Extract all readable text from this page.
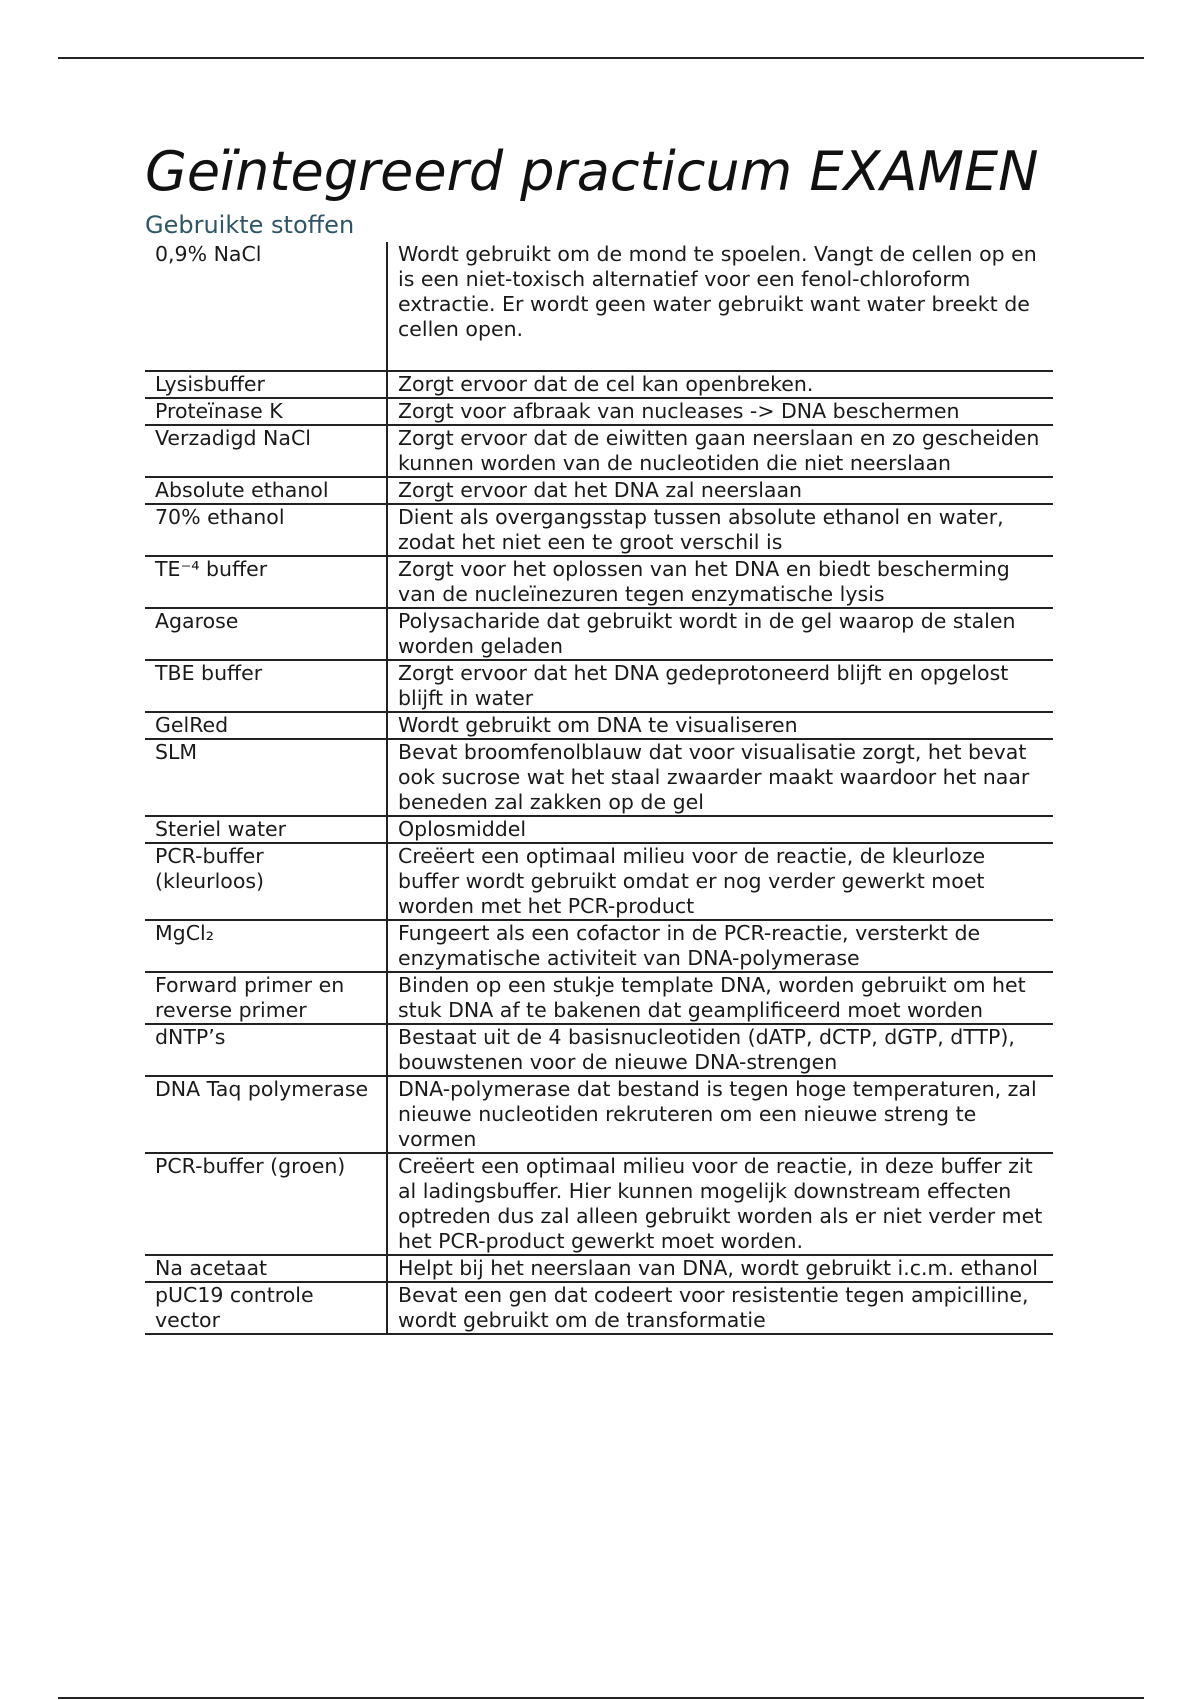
Geïntegreerd practicum EXAMEN
Gebruikte stoffen
0,9% NaCl	Wordt gebruikt om de mond te spoelen. Vangt de cellen op en is een niet-toxisch alternatief voor een fenol-chloroform extractie. Er wordt geen water gebruikt want water breekt de cellen open.
Lysisbuffer	Zorgt ervoor dat de cel kan openbreken.
Proteïnase K	Zorgt voor afbraak van nucleases -> DNA beschermen
Verzadigd NaCl	Zorgt ervoor dat de eiwitten gaan neerslaan en zo gescheiden kunnen worden van de nucleotiden die niet neerslaan
Absolute ethanol	Zorgt ervoor dat het DNA zal neerslaan
70% ethanol	Dient als overgangsstap tussen absolute ethanol en water, zodat het niet een te groot verschil is
TE⁻⁴ buffer	Zorgt voor het oplossen van het DNA en biedt bescherming van de nucleïnezuren tegen enzymatische lysis
Agarose	Polysacharide dat gebruikt wordt in de gel waarop de stalen worden geladen
TBE buffer	Zorgt ervoor dat het DNA gedeprotoneerd blijft en opgelost blijft in water
GelRed	Wordt gebruikt om DNA te visualiseren
SLM	Bevat broomfenolblauw dat voor visualisatie zorgt, het bevat ook sucrose wat het staal zwaarder maakt waardoor het naar beneden zal zakken op de gel
Steriel water	Oplosmiddel
PCR-buffer (kleurloos)	Creëert een optimaal milieu voor de reactie, de kleurloze buffer wordt gebruikt omdat er nog verder gewerkt moet worden met het PCR-product
MgCl₂	Fungeert als een cofactor in de PCR-reactie, versterkt de enzymatische activiteit van DNA-polymerase
Forward primer en reverse primer	Binden op een stukje template DNA, worden gebruikt om het stuk DNA af te bakenen dat geamplificeerd moet worden
dNTP’s	Bestaat uit de 4 basisnucleotiden (dATP, dCTP, dGTP, dTTP), bouwstenen voor de nieuwe DNA-strengen
DNA Taq polymerase	DNA-polymerase dat bestand is tegen hoge temperaturen, zal nieuwe nucleotiden rekruteren om een nieuwe streng te vormen
PCR-buffer (groen)	Creëert een optimaal milieu voor de reactie, in deze buffer zit al ladingsbuffer. Hier kunnen mogelijk downstream effecten optreden dus zal alleen gebruikt worden als er niet verder met het PCR-product gewerkt moet worden.
Na acetaat	Helpt bij het neerslaan van DNA, wordt gebruikt i.c.m. ethanol
pUC19 controle vector	Bevat een gen dat codeert voor resistentie tegen ampicilline, wordt gebruikt om de transformatie
